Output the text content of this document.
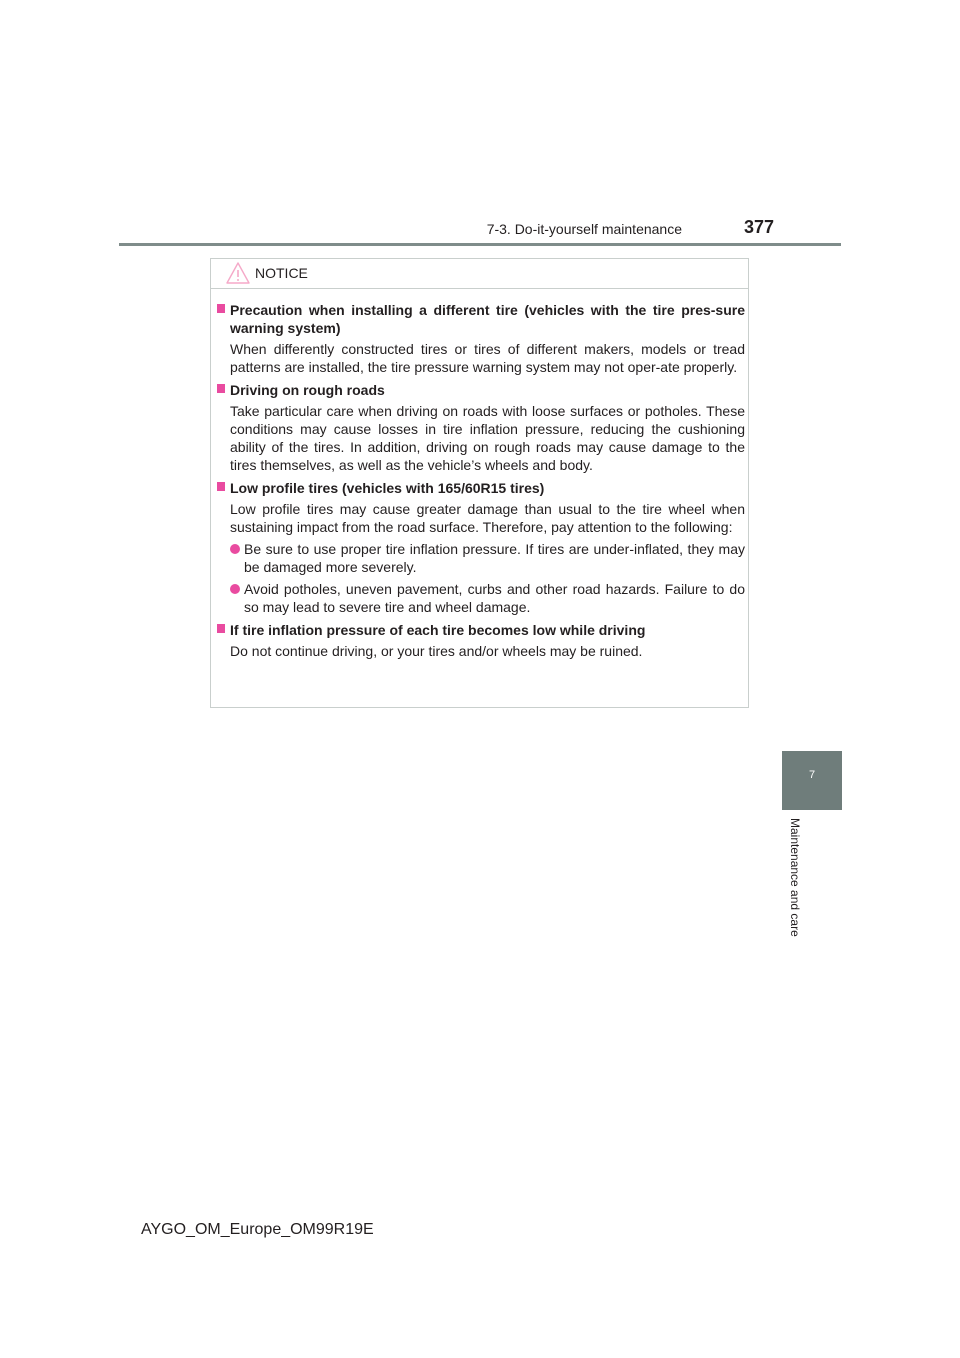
7-3. Do-it-yourself maintenance	377
7
Maintenance and care
NOTICE
Precaution when installing a different tire (vehicles with the tire pres-sure warning system)
When differently constructed tires or tires of different makers, models or tread patterns are installed, the tire pressure warning system may not oper-ate properly.
Driving on rough roads
Take particular care when driving on roads with loose surfaces or potholes. These conditions may cause losses in tire inflation pressure, reducing the cushioning ability of the tires. In addition, driving on rough roads may cause damage to the tires themselves, as well as the vehicle’s wheels and body.
Low profile tires (vehicles with 165/60R15 tires)
Low profile tires may cause greater damage than usual to the tire wheel when sustaining impact from the road surface. Therefore, pay attention to the following:
Be sure to use proper tire inflation pressure. If tires are under-inflated, they may be damaged more severely.
Avoid potholes, uneven pavement, curbs and other road hazards. Failure to do so may lead to severe tire and wheel damage.
If tire inflation pressure of each tire becomes low while driving
Do not continue driving, or your tires and/or wheels may be ruined.
AYGO_OM_Europe_OM99R19E
